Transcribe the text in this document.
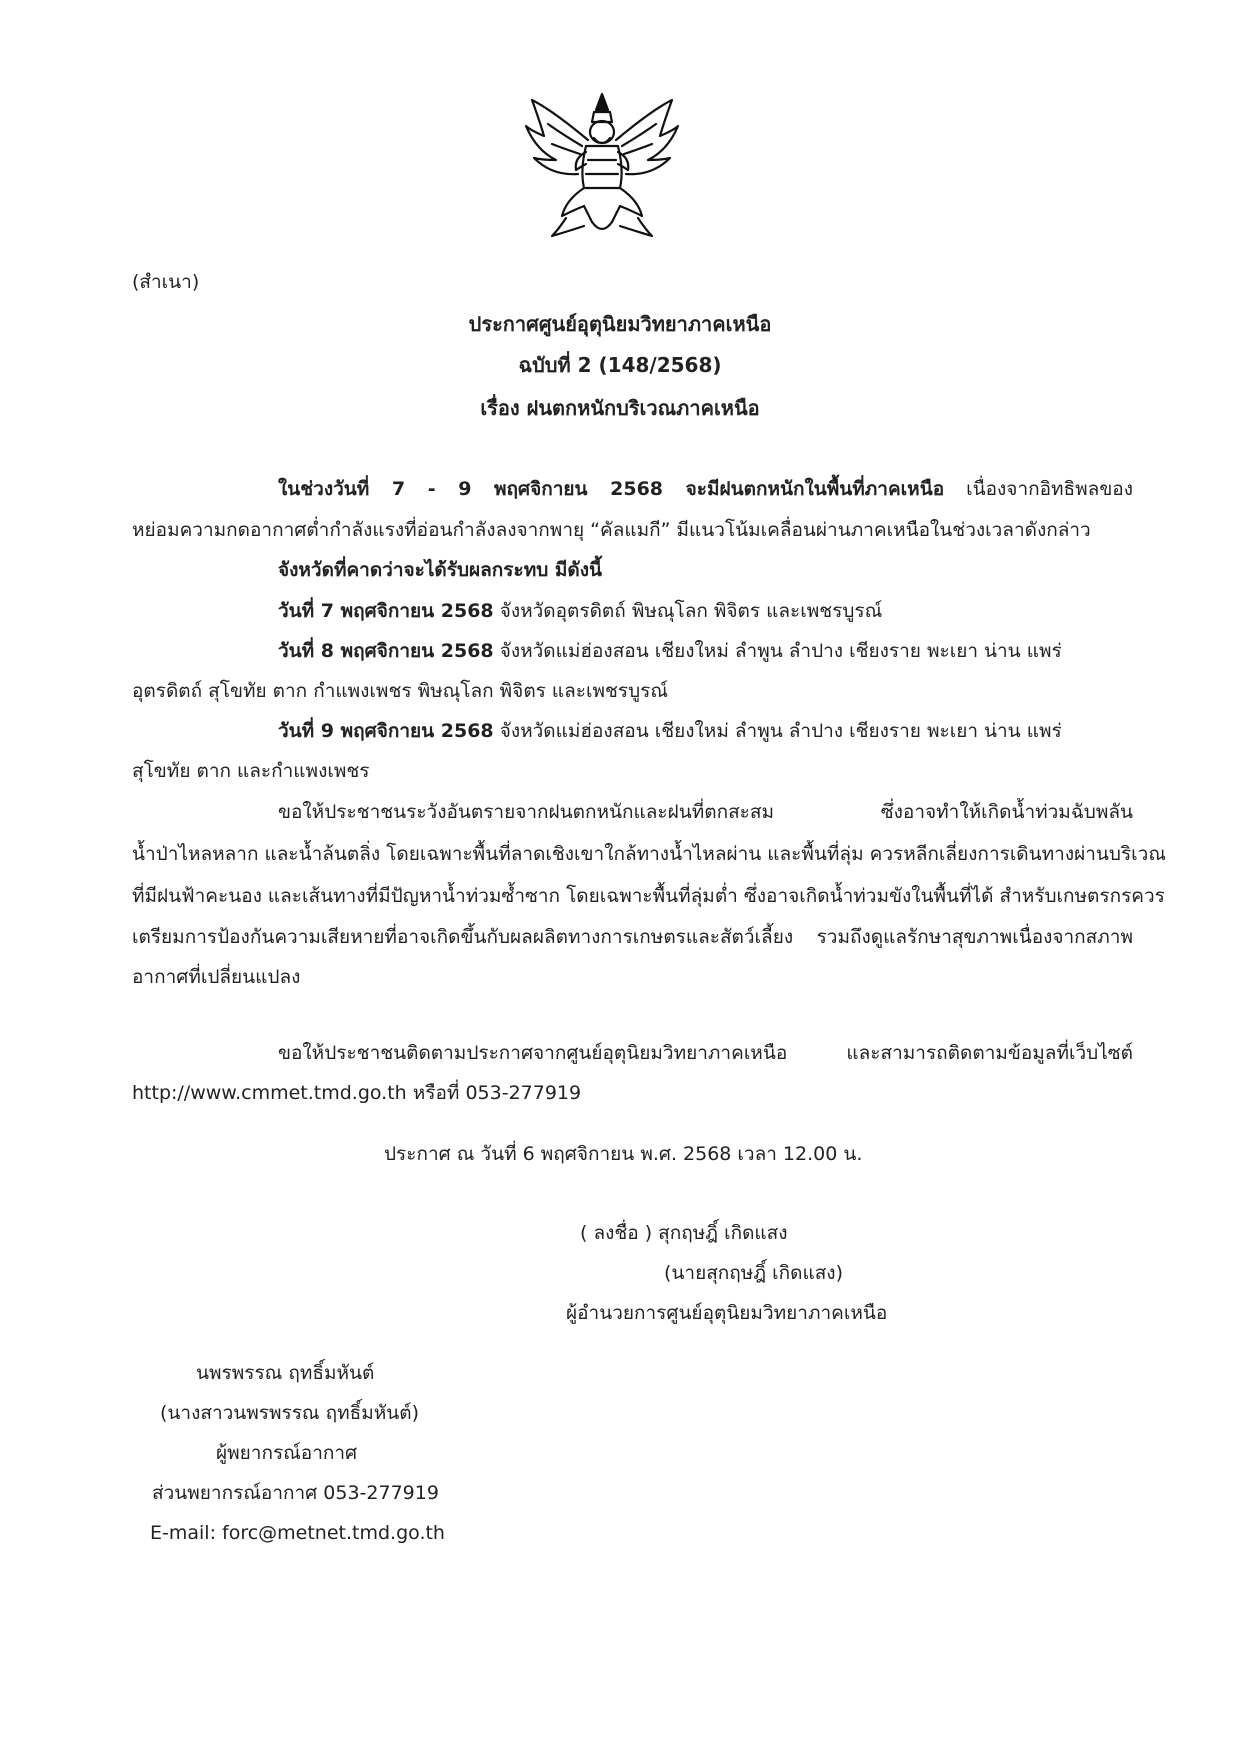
(สำเนา)
ประกาศศูนย์อุตุนิยมวิทยาภาคเหนือ
ฉบับที่ 2 (148/2568)
เรื่อง ฝนตกหนักบริเวณภาคเหนือ
ในช่วงวันที่ 7 - 9 พฤศจิกายน 2568 จะมีฝนตกหนักในพื้นที่ภาคเหนือ เนื่องจากอิทธิพลของ
หย่อมความกดอากาศต่ำกำลังแรงที่อ่อนกำลังลงจากพายุ “คัลแมกี” มีแนวโน้มเคลื่อนผ่านภาคเหนือในช่วงเวลาดังกล่าว
จังหวัดที่คาดว่าจะได้รับผลกระทบ มีดังนี้
วันที่ 7 พฤศจิกายน 2568 จังหวัดอุตรดิตถ์ พิษณุโลก พิจิตร และเพชรบูรณ์
วันที่ 8 พฤศจิกายน 2568 จังหวัดแม่ฮ่องสอน เชียงใหม่ ลำพูน ลำปาง เชียงราย พะเยา น่าน แพร่
อุตรดิตถ์ สุโขทัย ตาก กำแพงเพชร พิษณุโลก พิจิตร และเพชรบูรณ์
วันที่ 9 พฤศจิกายน 2568 จังหวัดแม่ฮ่องสอน เชียงใหม่ ลำพูน ลำปาง เชียงราย พะเยา น่าน แพร่
สุโขทัย ตาก และกำแพงเพชร
ขอให้ประชาชนระวังอันตรายจากฝนตกหนักและฝนที่ตกสะสม ซึ่งอาจทำให้เกิดน้ำท่วมฉับพลัน
น้ำป่าไหลหลาก และน้ำล้นตลิ่ง โดยเฉพาะพื้นที่ลาดเชิงเขาใกล้ทางน้ำไหลผ่าน และพื้นที่ลุ่ม ควรหลีกเลี่ยงการเดินทางผ่านบริเวณ
ที่มีฝนฟ้าคะนอง และเส้นทางที่มีปัญหาน้ำท่วมซ้ำซาก โดยเฉพาะพื้นที่ลุ่มต่ำ ซึ่งอาจเกิดน้ำท่วมขังในพื้นที่ได้ สำหรับเกษตรกรควร
เตรียมการป้องกันความเสียหายที่อาจเกิดขึ้นกับผลผลิตทางการเกษตรและสัตว์เลี้ยง รวมถึงดูแลรักษาสุขภาพเนื่องจากสภาพ
อากาศที่เปลี่ยนแปลง
ขอให้ประชาชนติดตามประกาศจากศูนย์อุตุนิยมวิทยาภาคเหนือ และสามารถติดตามข้อมูลที่เว็บไซต์
http://www.cmmet.tmd.go.th หรือที่ 053-277919
ประกาศ ณ วันที่ 6 พฤศจิกายน พ.ศ. 2568 เวลา 12.00 น.
( ลงชื่อ ) สุกฤษฎิ์ เกิดแสง
(นายสุกฤษฎิ์ เกิดแสง)
ผู้อำนวยการศูนย์อุตุนิยมวิทยาภาคเหนือ
นพรพรรณ ฤทธิ์มหันต์
(นางสาวนพรพรรณ ฤทธิ์มหันต์)
ผู้พยากรณ์อากาศ
ส่วนพยากรณ์อากาศ 053-277919
E-mail: forc@metnet.tmd.go.th
